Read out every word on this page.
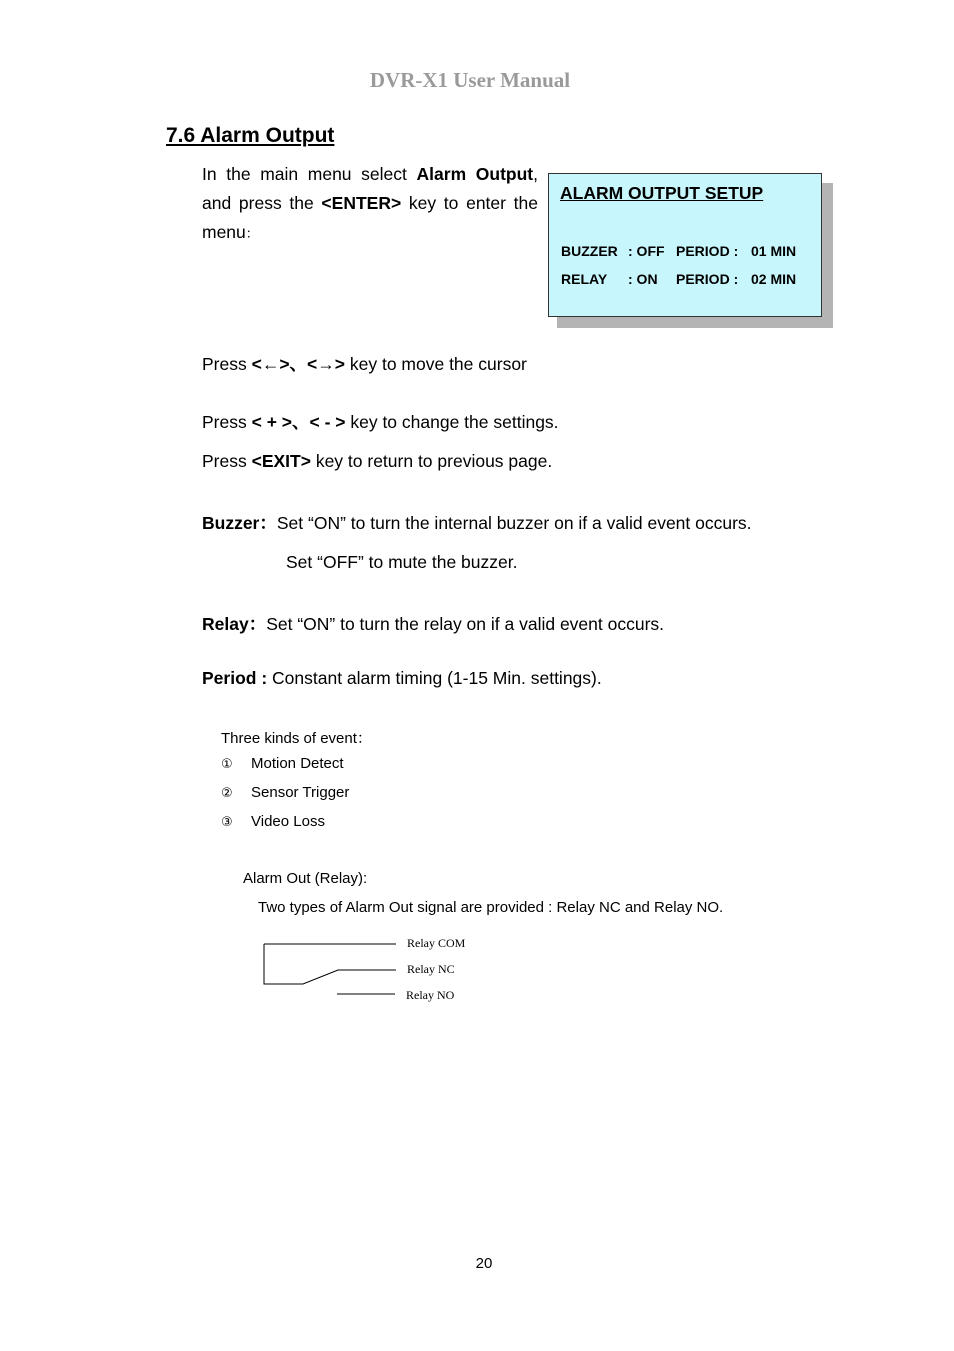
DVR-X1 User Manual
7.6 Alarm Output
In the main menu select Alarm Output, and press the <ENTER> key to enter the menu：
ALARM OUTPUT SETUP
BUZZER : OFF PERIOD : 01 MIN
RELAY : ON PERIOD : 02 MIN
Press <←>、<→> key to move the cursor
Press < + >、< - > key to change the settings.
Press <EXIT> key to return to previous page.
Buzzer：Set “ON” to turn the internal buzzer on if a valid event occurs.
Set “OFF” to mute the buzzer.
Relay：Set “ON” to turn the relay on if a valid event occurs.
Period : Constant alarm timing (1-15 Min. settings).
Three kinds of event：
① Motion Detect
② Sensor Trigger
③ Video Loss
Alarm Out (Relay):
Two types of Alarm Out signal are provided : Relay NC and Relay NO.
Relay COM
Relay NC
Relay NO
20
